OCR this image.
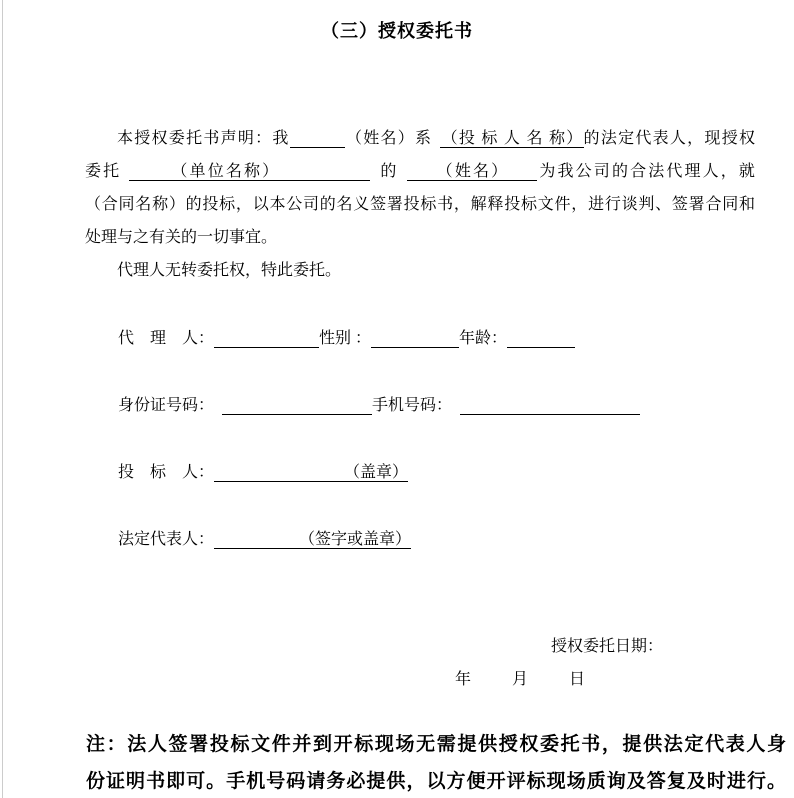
（三）授权委托书

本授权委托书声明：我	（姓名）系 （投 标 人 名 称）的法定代表人，现授权
委托	（单位名称）	的 （姓名） 为我公司的合法代理人，就
（合同名称）的投标，以本公司的名义签署投标书，解释投标文件，进行谈判、签署合同和
处理与之有关的一切事宜。

代理人无转委托权，特此委托。

代　理　人：	性别 ：	年龄：
身份证号码：	手机号码：
投　标　人：	（盖章）
法定代表人：	（签字或盖章）
授权委托日期：
年　　月　　日
注：法人签署投标文件并到开标现场无需提供授权委托书，提供法定代表人身
份证明书即可。手机号码请务必提供，以方便开评标现场质询及答复及时进行。
